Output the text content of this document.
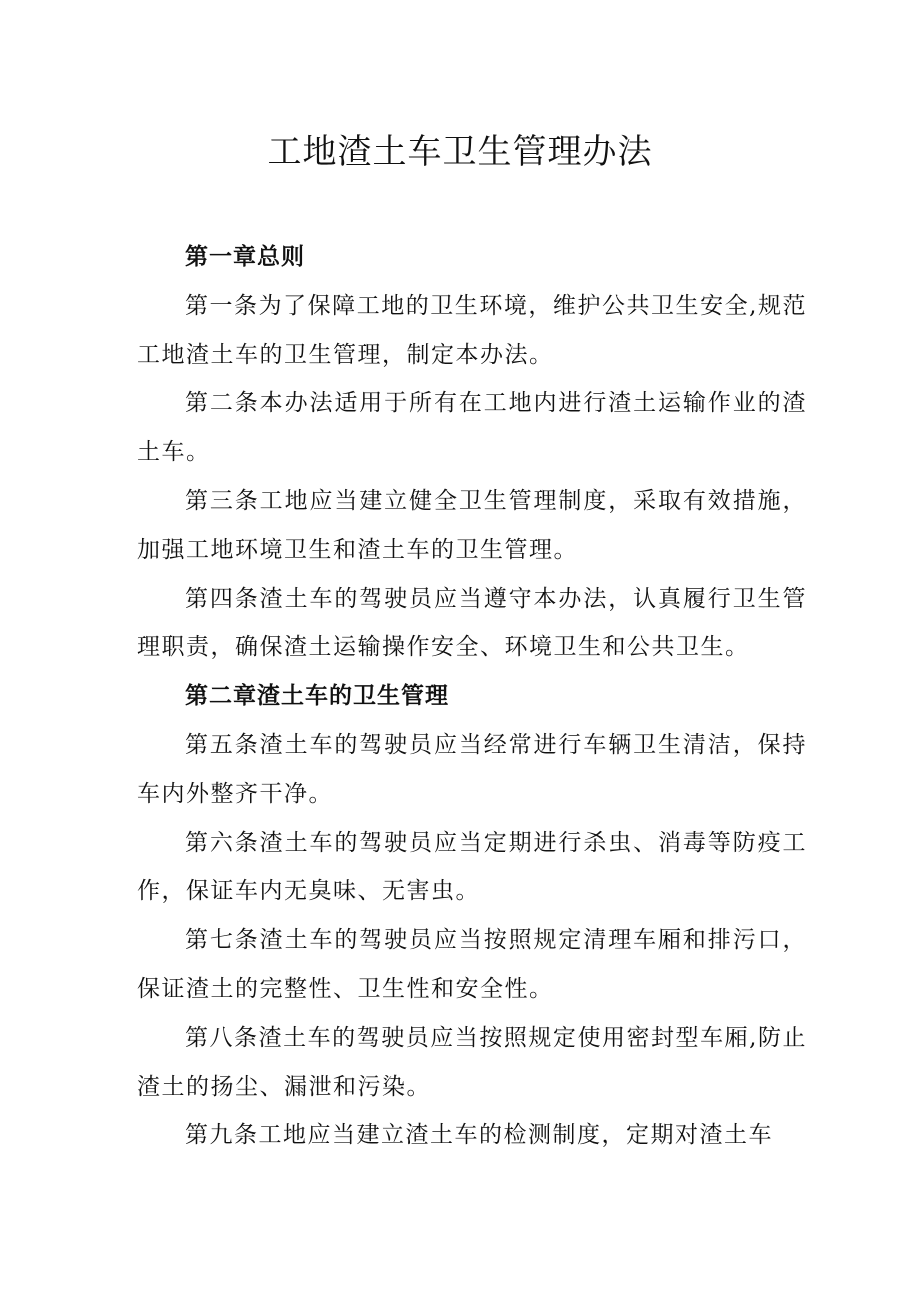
工地渣土车卫生管理办法

第一章总则

第一条为了保障工地的卫生环境，维护公共卫生安全,规范工地渣土车的卫生管理，制定本办法。

第二条本办法适用于所有在工地内进行渣土运输作业的渣土车。

第三条工地应当建立健全卫生管理制度，采取有效措施，加强工地环境卫生和渣土车的卫生管理。

第四条渣土车的驾驶员应当遵守本办法，认真履行卫生管理职责，确保渣土运输操作安全、环境卫生和公共卫生。

第二章渣土车的卫生管理

第五条渣土车的驾驶员应当经常进行车辆卫生清洁，保持车内外整齐干净。

第六条渣土车的驾驶员应当定期进行杀虫、消毒等防疫工作，保证车内无臭味、无害虫。

第七条渣土车的驾驶员应当按照规定清理车厢和排污口，保证渣土的完整性、卫生性和安全性。

第八条渣土车的驾驶员应当按照规定使用密封型车厢,防止渣土的扬尘、漏泄和污染。

第九条工地应当建立渣土车的检测制度，定期对渣土车
